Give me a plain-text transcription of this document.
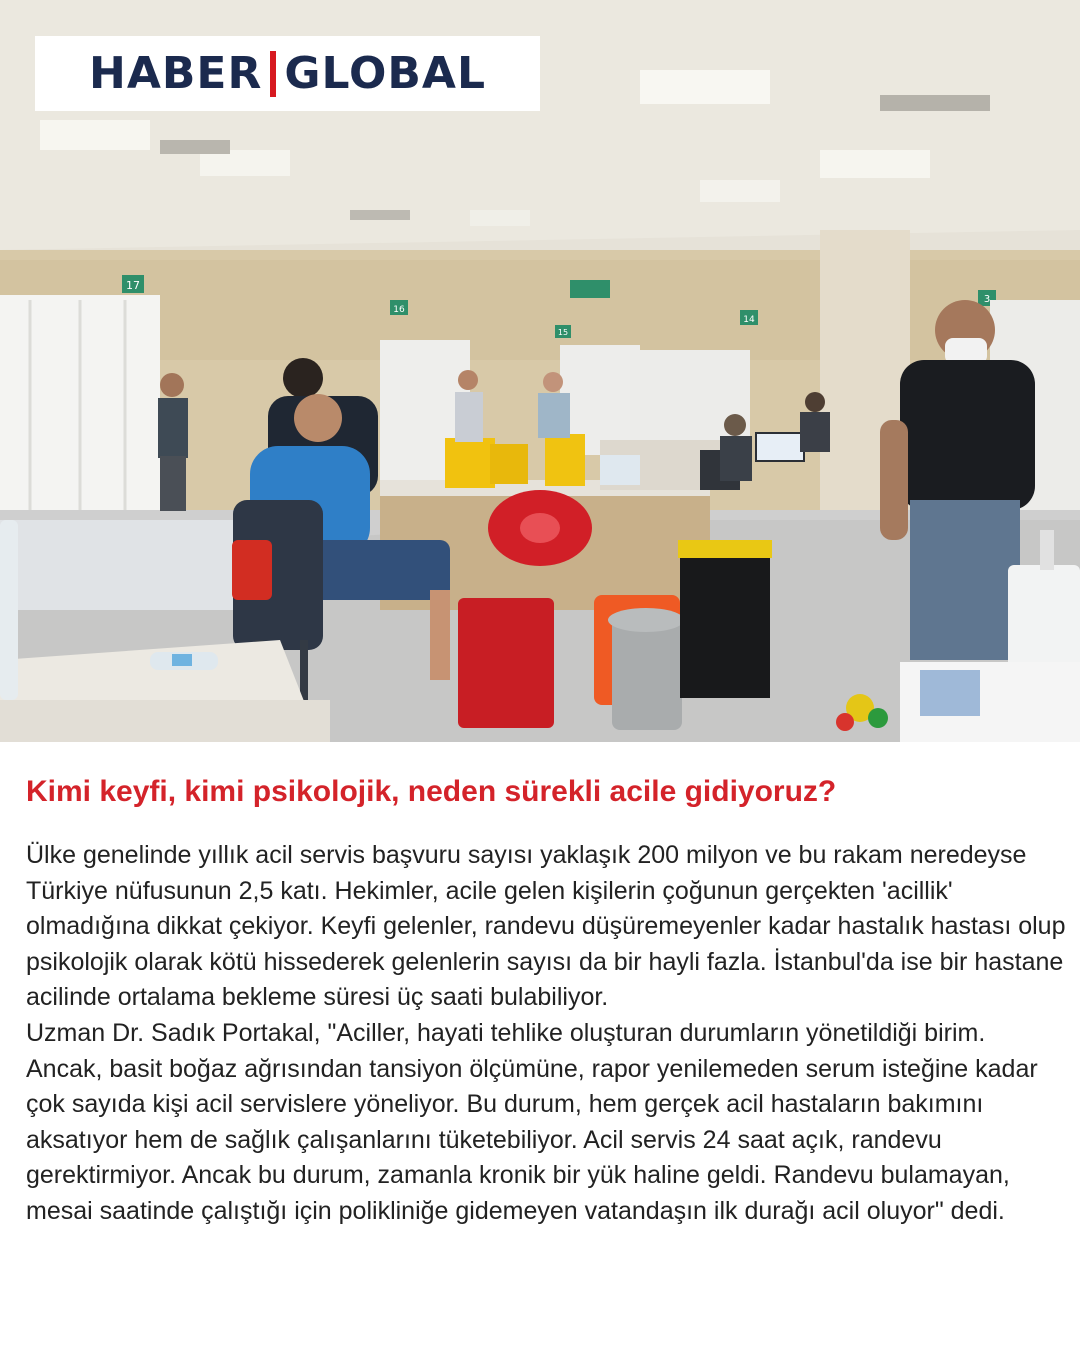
17
16
15
14
3
HABER GLOBAL
Kimi keyfi, kimi psikolojik, neden sürekli acile gidiyoruz?

Ülke genelinde yıllık acil servis başvuru sayısı yaklaşık 200 milyon ve bu rakam neredeyse Türkiye nüfusunun 2,5 katı. Hekimler, acile gelen kişilerin çoğunun gerçekten 'acillik' olmadığına dikkat çekiyor. Keyfi gelenler, randevu düşüremeyenler kadar hastalık hastası olup psikolojik olarak kötü hissederek gelenlerin sayısı da bir hayli fazla. İstanbul'da ise bir hastane acilinde ortalama bekleme süresi üç saati bulabiliyor.

Uzman Dr. Sadık Portakal, "Aciller, hayati tehlike oluşturan durumların yönetildiği birim. Ancak, basit boğaz ağrısından tansiyon ölçümüne, rapor yenilemeden serum isteğine kadar çok sayıda kişi acil servislere yöneliyor. Bu durum, hem gerçek acil hastaların bakımını aksatıyor hem de sağlık çalışanlarını tüketebiliyor. Acil servis 24 saat açık, randevu gerektirmiyor. Ancak bu durum, zamanla kronik bir yük haline geldi. Randevu bulamayan, mesai saatinde çalıştığı için polikliniğe gidemeyen vatandaşın ilk durağı acil oluyor" dedi.
